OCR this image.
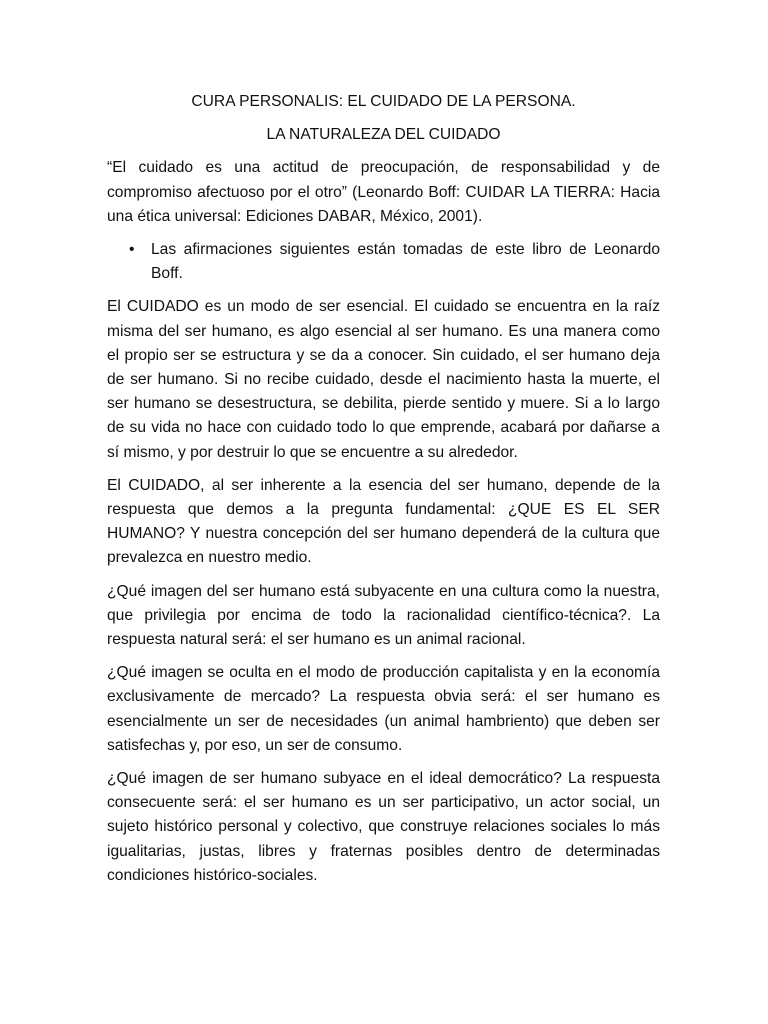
CURA PERSONALIS: EL CUIDADO DE LA PERSONA.

LA NATURALEZA DEL CUIDADO

“El cuidado es una actitud de preocupación, de responsabilidad y de compromiso afectuoso por el otro” (Leonardo Boff: CUIDAR LA TIERRA: Hacia una ética universal: Ediciones DABAR, México, 2001).

• Las afirmaciones siguientes están tomadas de este libro de Leonardo Boff.

El CUIDADO es un modo de ser esencial. El cuidado se encuentra en la raíz misma del ser humano, es algo esencial al ser humano. Es una manera como el propio ser se estructura y se da a conocer. Sin cuidado, el ser humano deja de ser humano. Si no recibe cuidado, desde el nacimiento hasta la muerte, el ser humano se desestructura, se debilita, pierde sentido y muere. Si a lo largo de su vida no hace con cuidado todo lo que emprende, acabará por dañarse a sí mismo, y por destruir lo que se encuentre a su alrededor.

El CUIDADO, al ser inherente a la esencia del ser humano, depende de la respuesta que demos a la pregunta fundamental: ¿QUE ES EL SER HUMANO? Y nuestra concepción del ser humano dependerá de la cultura que prevalezca en nuestro medio.

¿Qué imagen del ser humano está subyacente en una cultura como la nuestra, que privilegia por encima de todo la racionalidad científico-técnica?. La respuesta natural será: el ser humano es un animal racional.

¿Qué imagen se oculta en el modo de producción capitalista y en la economía exclusivamente de mercado? La respuesta obvia será: el ser humano es esencialmente un ser de necesidades (un animal hambriento) que deben ser satisfechas y, por eso, un ser de consumo.

¿Qué imagen de ser humano subyace en el ideal democrático? La respuesta consecuente será: el ser humano es un ser participativo, un actor social, un sujeto histórico personal y colectivo, que construye relaciones sociales lo más igualitarias, justas, libres y fraternas posibles dentro de determinadas condiciones histórico-sociales.
